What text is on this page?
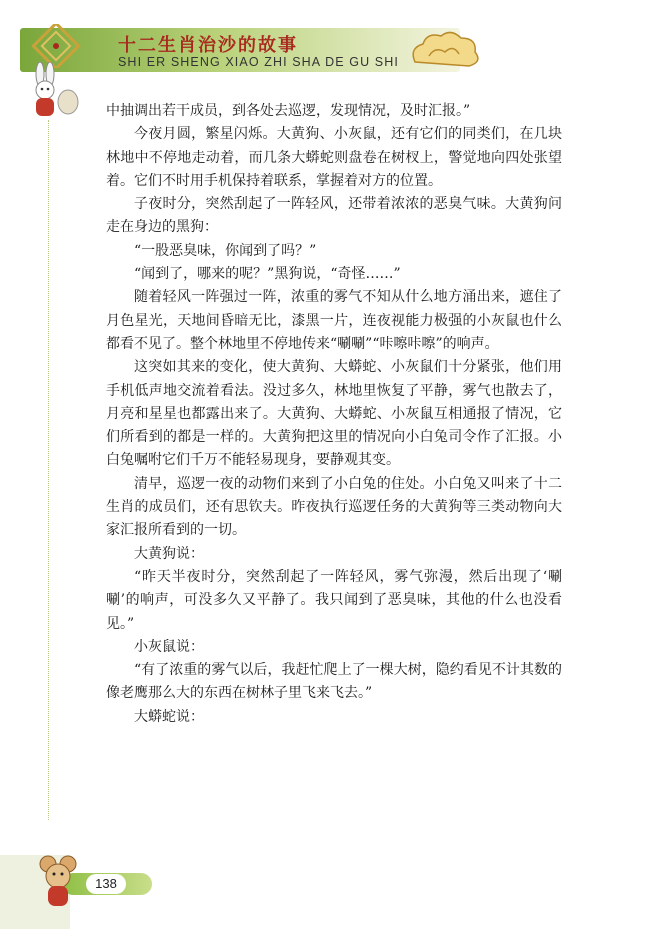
十二生肖治沙的故事
SHI ER SHENG XIAO ZHI SHA DE GU SHI

中抽调出若干成员，到各处去巡逻，发现情况，及时汇报。”

今夜月圆，繁星闪烁。大黄狗、小灰鼠，还有它们的同类们，在几块林地中不停地走动着，而几条大蟒蛇则盘卷在树杈上，警觉地向四处张望着。它们不时用手机保持着联系，掌握着对方的位置。

子夜时分，突然刮起了一阵轻风，还带着浓浓的恶臭气味。大黄狗问走在身边的黑狗：

“一股恶臭味，你闻到了吗？”

“闻到了，哪来的呢？”黑狗说，“奇怪……”

随着轻风一阵强过一阵，浓重的雾气不知从什么地方涌出来，遮住了月色星光，天地间昏暗无比，漆黑一片，连夜视能力极强的小灰鼠也什么都看不见了。整个林地里不停地传来“唰唰”“咔嚓咔嚓”的响声。

这突如其来的变化，使大黄狗、大蟒蛇、小灰鼠们十分紧张，他们用手机低声地交流着看法。没过多久，林地里恢复了平静，雾气也散去了，月亮和星星也都露出来了。大黄狗、大蟒蛇、小灰鼠互相通报了情况，它们所看到的都是一样的。大黄狗把这里的情况向小白兔司令作了汇报。小白兔嘱咐它们千万不能轻易现身，要静观其变。

清早，巡逻一夜的动物们来到了小白兔的住处。小白兔又叫来了十二生肖的成员们，还有思钦夫。昨夜执行巡逻任务的大黄狗等三类动物向大家汇报所看到的一切。

大黄狗说：

“昨天半夜时分，突然刮起了一阵轻风，雾气弥漫，然后出现了‘唰唰’的响声，可没多久又平静了。我只闻到了恶臭味，其他的什么也没看见。”

小灰鼠说：

“有了浓重的雾气以后，我赶忙爬上了一棵大树，隐约看见不计其数的像老鹰那么大的东西在树林子里飞来飞去。”

大蟒蛇说：

138
